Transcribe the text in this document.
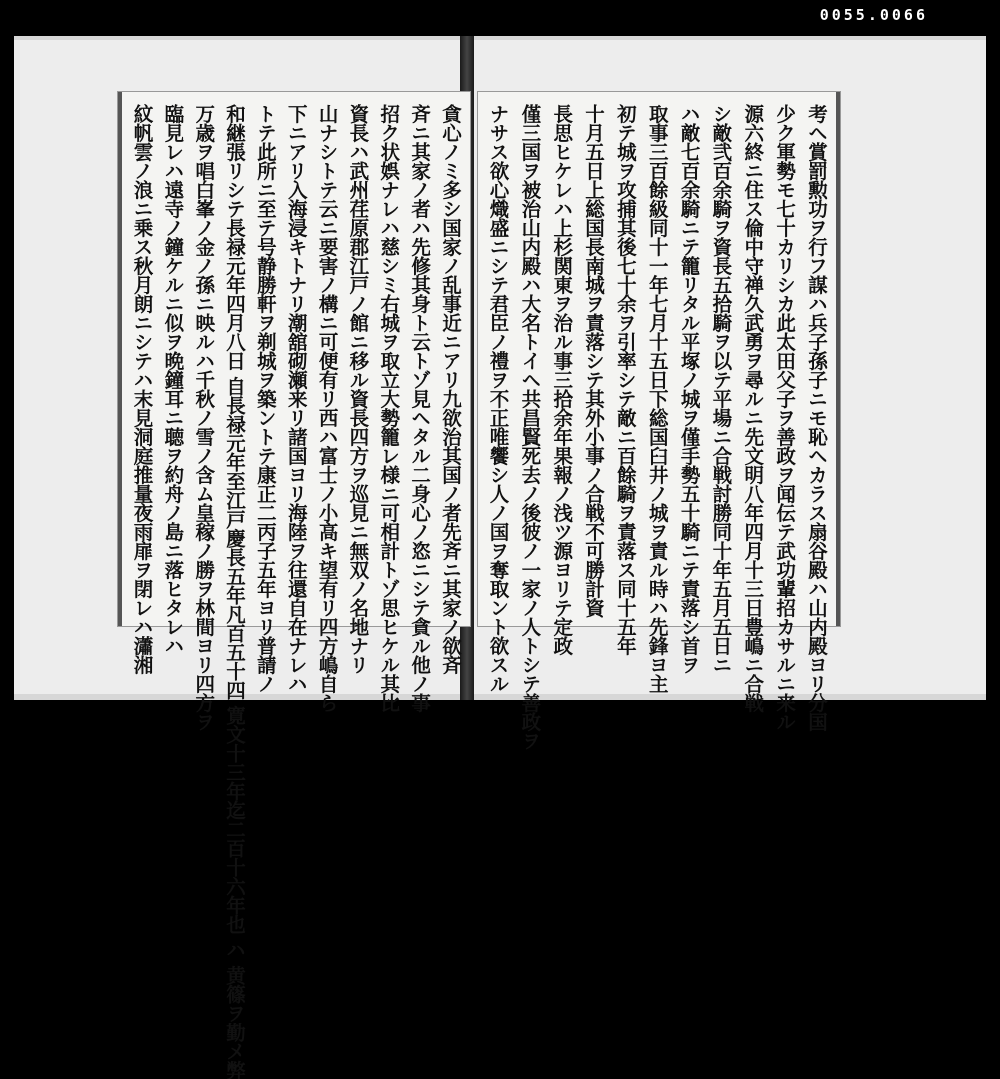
0055.0066
貪心ノミ多シ国家ノ乱事近ニアリ九欲治其国ノ者先斉ニ其家ノ欲斉
斉ニ其家ノ者ハ先修其身ト云トゾ見ヘタル二身心ノ恣ニシテ貪ル他ノ事
招ク状娯ナレハ慈シミ右城ヲ取立大勢籠レ様ニ可相計トゾ思ヒケル其比
資長ハ武州荏原郡江戸ノ館ニ移ル資長四方ヲ巡見ニ無双ノ名地ナリ
山ナシトテ云ニ要害ノ構ニ可便有リ西ハ富士ノ小高キ望有リ四方嶋自ら
下ニアリ入海浸キトナリ潮舘砌瀬来リ諸国ヨリ海陸ヲ往還自在ナレハ
トテ此所ニ至テ号静勝軒ヲ剃城ヲ築ントテ康正二丙子五年ヨリ普請ノ
和継張リシテ長禄元年四月八日 自長禄元年至江戸慶長五年凡百五十四 寛文十三年迄二百十六年也 ハ 黄篠ヲ勤メ弊
万歳ヲ唱白峯ノ金ノ孫ニ映ルハ千秋ノ雪ノ含ム皇稼ノ勝ヲ林間ヨリ四方ヲ
臨見レハ遠寺ノ鐘ケルニ似ヲ晩鐘耳ニ聴ヲ約舟ノ島ニ落ヒタレハ
紋帆雲ノ浪ニ乗ス秋月朗ニシテハ末見洞庭推量夜雨扉ヲ閉レハ瀟湘	考ヘ賞罰勲功ヲ行フ謀ハ兵子孫子ニモ恥ヘカラス扇谷殿ハ山内殿ヨリ分国
少ク軍勢モ七十カリシカ此太田父子ヲ善政ヲ闻伝テ武功輩招カサルニ来ル
源六終ニ住ス倫中守禅久武勇ヲ尋ルニ先文明八年四月十三日豊嶋ニ合戦
シ敵弐百余騎ヲ資長五拾騎ヲ以テ平場ニ合戦討勝同十年五月五日ニ
ハ敵七百余騎ニテ籠リタル平塚ノ城ヲ僅手勢五十騎ニテ責落シ首ヲ
取事三百餘級同十一年七月十五日下総国臼井ノ城ヲ責ル時ハ先鋒ヨ主
初テ城ヲ攻捕其後七十余ヲ引率シテ敵ニ百餘騎ヲ責落ス同十五年
十月五日上総国長南城ヲ責落シテ其外小事ノ合戦不可勝計資
長思ヒケレハ上杉関東ヲ治ル事三拾余年果報ノ浅ツ源ヨリテ定政
僅三国ヲ被治山内殿ハ大名トイヘ共昌賢死去ノ後彼ノ一家ノ人トシテ善政ヲ
ナサス欲心熾盛ニシテ君臣ノ禮ヲ不正唯饗シ人ノ国ヲ奪取ント欲スル
